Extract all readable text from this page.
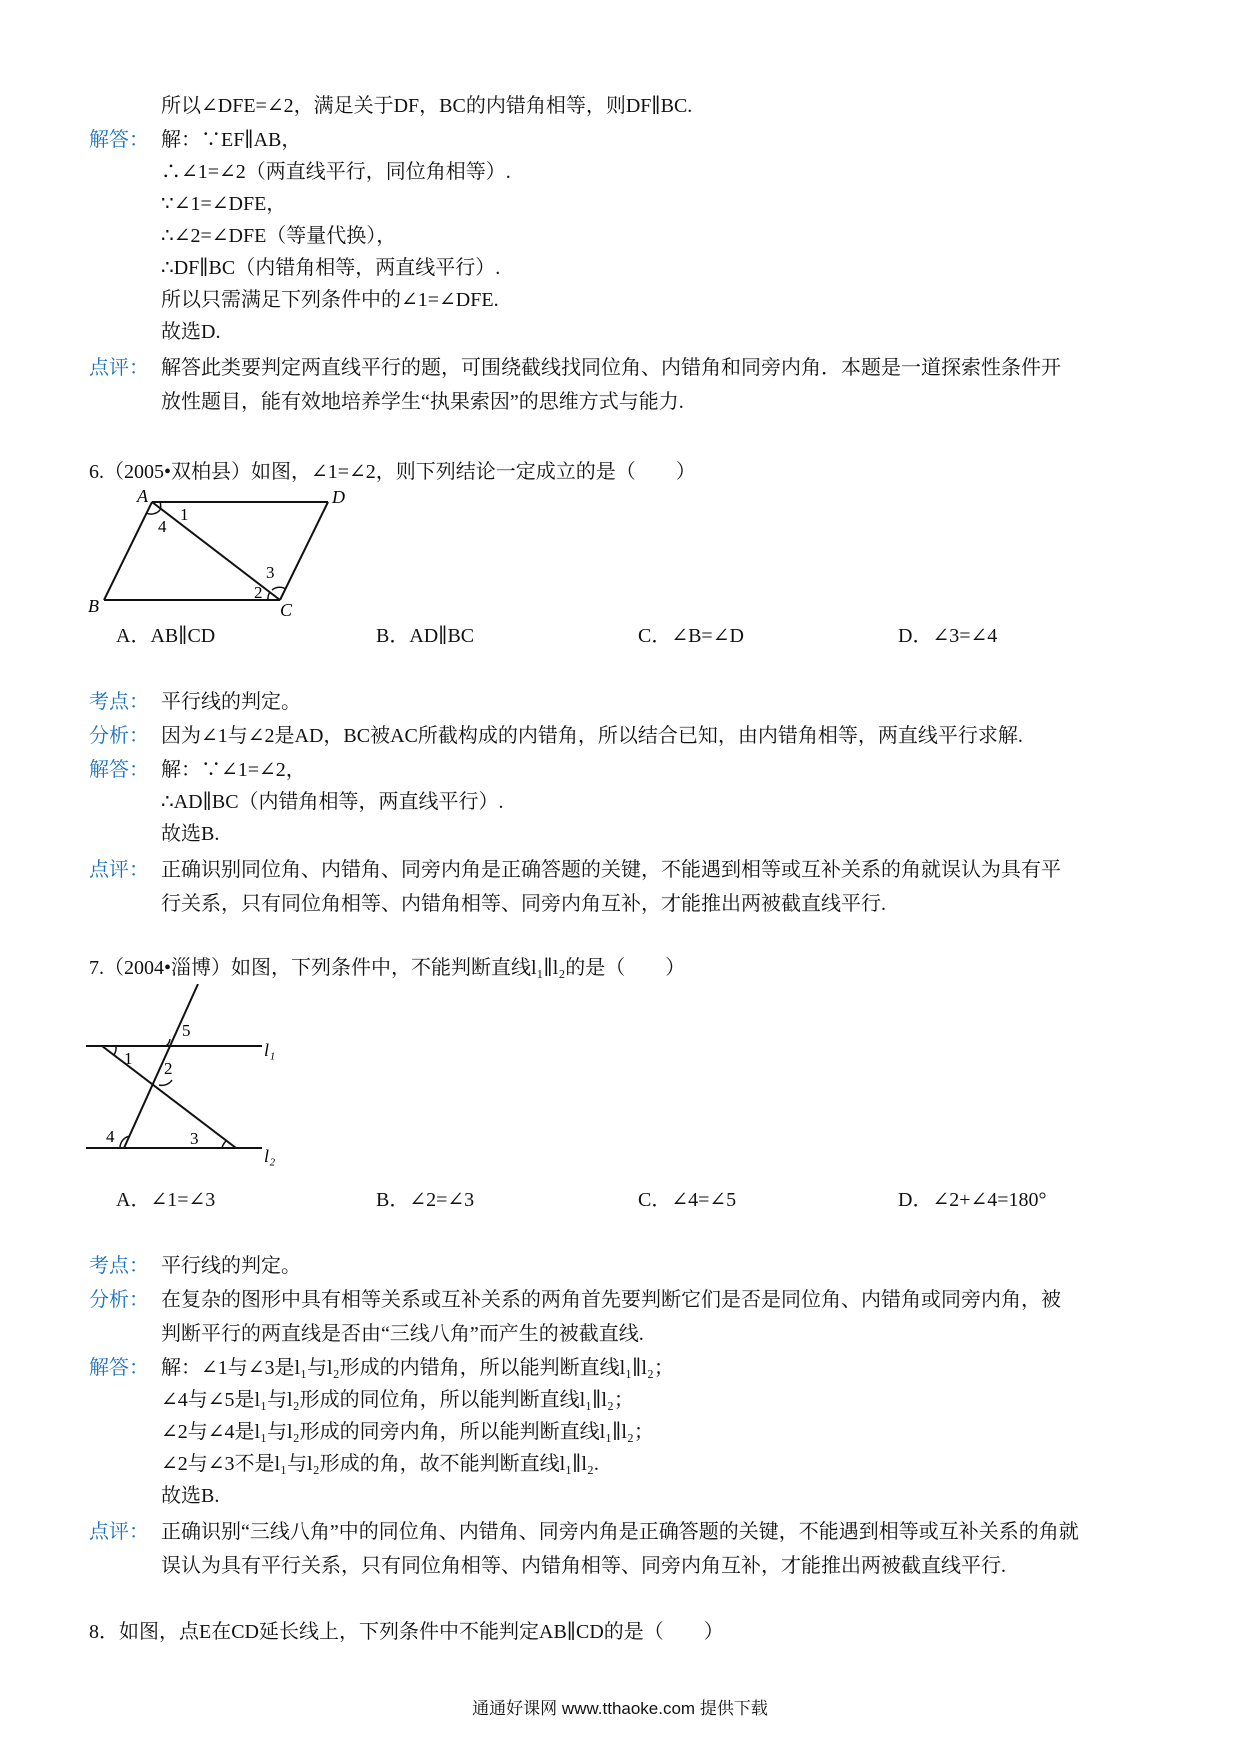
所以∠DFE=∠2，满足关于DF，BC的内错角相等，则DF∥BC.
解答： 解：∵EF∥AB，
∴∠1=∠2（两直线平行，同位角相等）.
∵∠1=∠DFE，
∴∠2=∠DFE（等量代换），
∴DF∥BC（内错角相等，两直线平行）.
所以只需满足下列条件中的∠1=∠DFE.
故选D.
点评： 解答此类要判定两直线平行的题，可围绕截线找同位角、内错角和同旁内角．本题是一道探索性条件开
放性题目，能有效地培养学生“执果索因”的思维方式与能力.
6.（2005•双柏县）如图，∠1=∠2，则下列结论一定成立的是（　　）
A	D
B	C
1
4
2
3
A．AB∥CD	B．AD∥BC	C．∠B=∠D	D．∠3=∠4
考点： 平行线的判定。
分析： 因为∠1与∠2是AD，BC被AC所截构成的内错角，所以结合已知，由内错角相等，两直线平行求解.
解答： 解：∵∠1=∠2，
∴AD∥BC（内错角相等，两直线平行）.
故选B.
点评： 正确识别同位角、内错角、同旁内角是正确答题的关键，不能遇到相等或互补关系的角就误认为具有平
行关系，只有同位角相等、内错角相等、同旁内角互补，才能推出两被截直线平行.
7.（2004•淄博）如图，下列条件中，不能判断直线l₁∥l₂的是（　　）
l₁
l₂
1
2
3
4
5
A．∠1=∠3	B．∠2=∠3	C．∠4=∠5	D．∠2+∠4=180°
考点： 平行线的判定。
分析： 在复杂的图形中具有相等关系或互补关系的两角首先要判断它们是否是同位角、内错角或同旁内角，被
判断平行的两直线是否由“三线八角”而产生的被截直线.
解答： 解：∠1与∠3是l₁与l₂形成的内错角，所以能判断直线l₁∥l₂；
∠4与∠5是l₁与l₂形成的同位角，所以能判断直线l₁∥l₂；
∠2与∠4是l₁与l₂形成的同旁内角，所以能判断直线l₁∥l₂；
∠2与∠3不是l₁与l₂形成的角，故不能判断直线l₁∥l₂.
故选B.
点评： 正确识别“三线八角”中的同位角、内错角、同旁内角是正确答题的关键，不能遇到相等或互补关系的角就
误认为具有平行关系，只有同位角相等、内错角相等、同旁内角互补，才能推出两被截直线平行.
8．如图，点E在CD延长线上，下列条件中不能判定AB∥CD的是（　　）
通通好课网 www.tthaoke.com 提供下载
